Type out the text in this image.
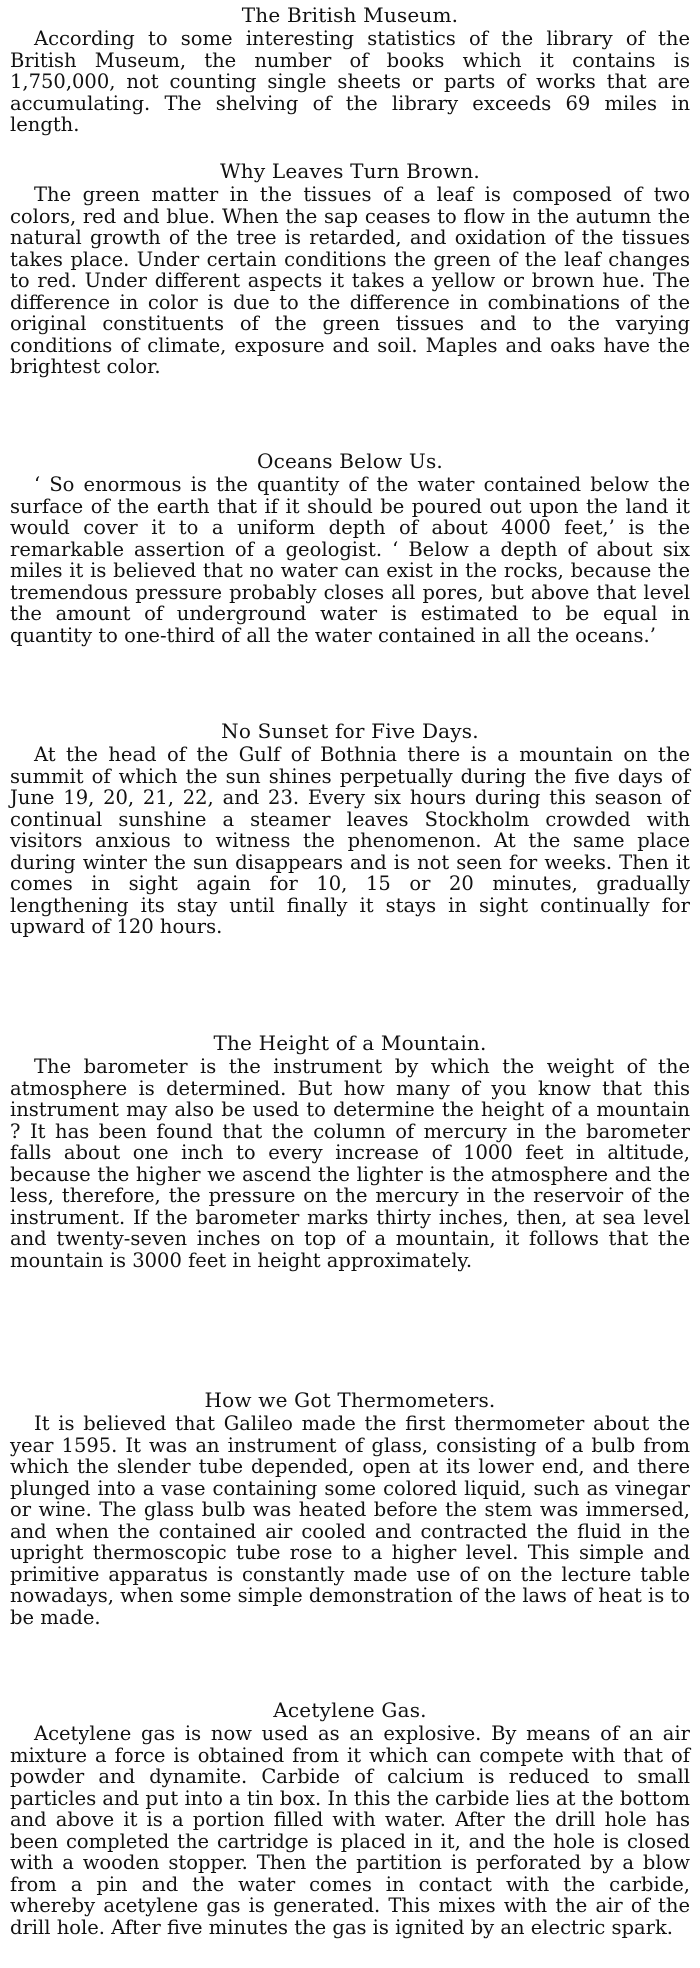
The British Museum.

According to some interesting statistics of the library of the British Museum, the number of books which it contains is 1,750,000, not counting single sheets or parts of works that are accumulating. The shelving of the library exceeds 69 miles in length.

Why Leaves Turn Brown.

The green matter in the tissues of a leaf is composed of two colors, red and blue. When the sap ceases to flow in the autumn the natural growth of the tree is retarded, and oxidation of the tissues takes place. Under certain conditions the green of the leaf changes to red. Under different aspects it takes a yellow or brown hue. The difference in color is due to the difference in combinations of the original constituents of the green tissues and to the varying conditions of climate, exposure and soil. Maples and oaks have the brightest color.

Oceans Below Us.

‘ So enormous is the quantity of the water contained below the surface of the earth that if it should be poured out upon the land it would cover it to a uniform depth of about 4000 feet,’ is the remarkable assertion of a geologist. ‘ Below a depth of about six miles it is believed that no water can exist in the rocks, because the tremendous pressure probably closes all pores, but above that level the amount of underground water is estimated to be equal in quantity to one-third of all the water contained in all the oceans.’

No Sunset for Five Days.

At the head of the Gulf of Bothnia there is a mountain on the summit of which the sun shines perpetually during the five days of June 19, 20, 21, 22, and 23. Every six hours during this season of continual sunshine a steamer leaves Stockholm crowded with visitors anxious to witness the phenomenon. At the same place during winter the sun disappears and is not seen for weeks. Then it comes in sight again for 10, 15 or 20 minutes, gradually lengthening its stay until finally it stays in sight continually for upward of 120 hours.

The Height of a Mountain.

The barometer is the instrument by which the weight of the atmosphere is determined. But how many of you know that this instrument may also be used to determine the height of a mountain ? It has been found that the column of mercury in the barometer falls about one inch to every increase of 1000 feet in altitude, because the higher we ascend the lighter is the atmosphere and the less, therefore, the pressure on the mercury in the reservoir of the instrument. If the barometer marks thirty inches, then, at sea level and twenty-seven inches on top of a mountain, it follows that the mountain is 3000 feet in height approximately.

How we Got Thermometers.

It is believed that Galileo made the first thermometer about the year 1595. It was an instrument of glass, consisting of a bulb from which the slender tube depended, open at its lower end, and there plunged into a vase containing some colored liquid, such as vinegar or wine. The glass bulb was heated before the stem was immersed, and when the contained air cooled and contracted the fluid in the upright thermoscopic tube rose to a higher level. This simple and primitive apparatus is constantly made use of on the lecture table nowadays, when some simple demonstration of the laws of heat is to be made.

Acetylene Gas.

Acetylene gas is now used as an explosive. By means of an air mixture a force is obtained from it which can compete with that of powder and dynamite. Carbide of calcium is reduced to small particles and put into a tin box. In this the carbide lies at the bottom and above it is a portion filled with water. After the drill hole has been completed the cartridge is placed in it, and the hole is closed with a wooden stopper. Then the partition is perforated by a blow from a pin and the water comes in contact with the carbide, whereby acetylene gas is generated. This mixes with the air of the drill hole. After five minutes the gas is ignited by an electric spark.
